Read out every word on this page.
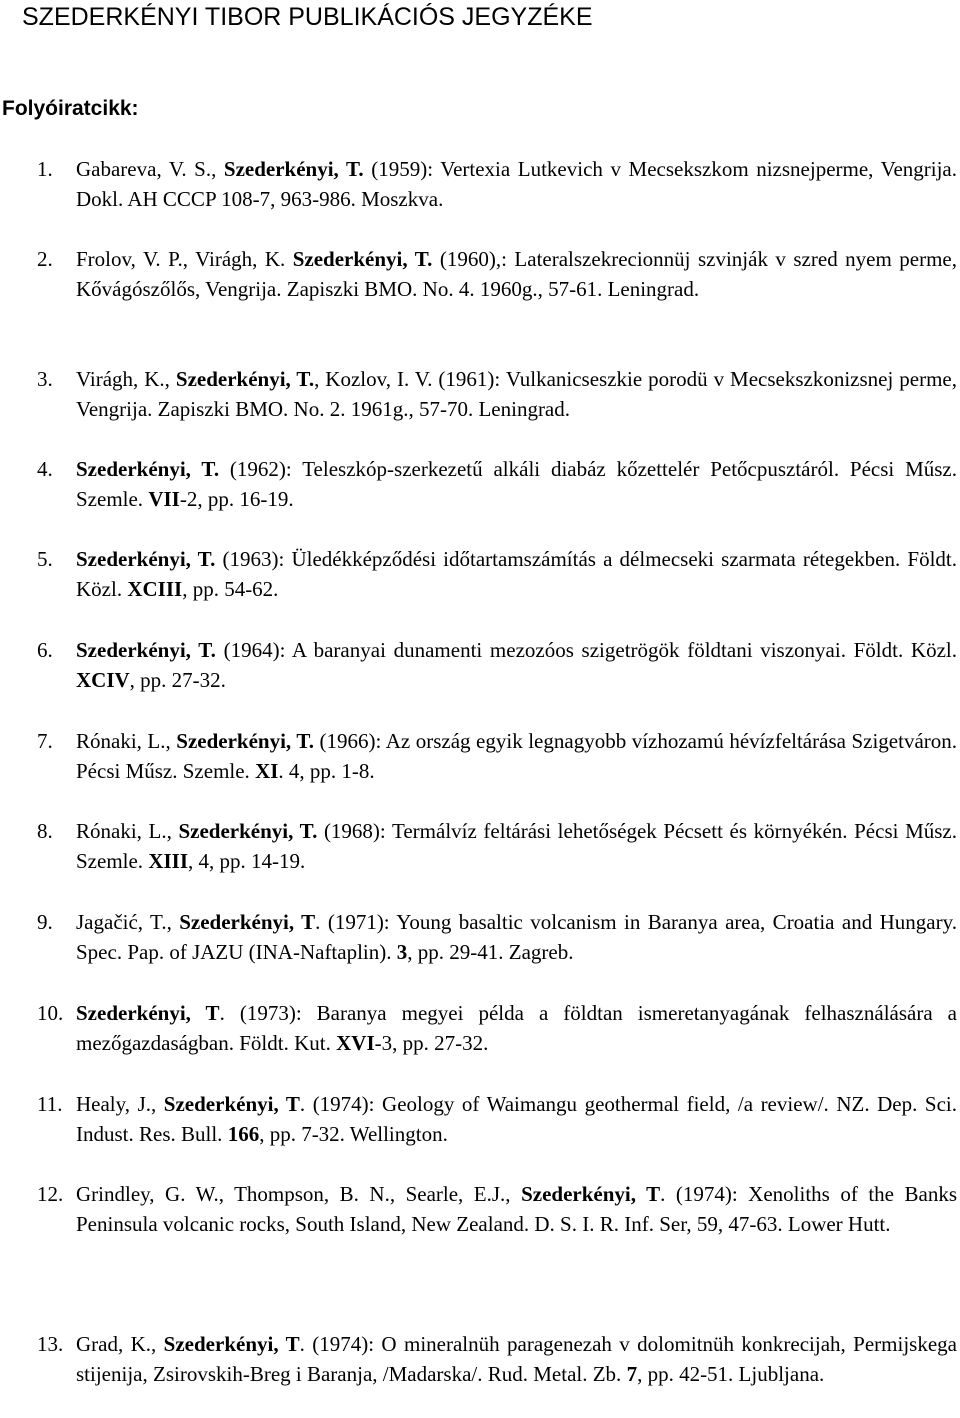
SZEDERKÉNYI TIBOR PUBLIKÁCIÓS JEGYZÉKE
Folyóiratcikk:
1. Gabareva, V. S., Szederkényi, T. (1959): Vertexia Lutkevich v Mecsekszkom nizsnejperme, Vengrija. Dokl. AH CCCP 108-7, 963-986. Moszkva.
2. Frolov, V. P., Virágh, K. Szederkényi, T. (1960),: Lateralszekrecionnüj szvinják v szred nyem perme, Kővágószőlős, Vengrija. Zapiszki BMO. No. 4. 1960g., 57-61. Leningrad.
3. Virágh, K., Szederkényi, T., Kozlov, I. V. (1961): Vulkanicseszkie porodü v Mecsekszkonizsnej perme, Vengrija. Zapiszki BMO. No. 2. 1961g., 57-70. Leningrad.
4. Szederkényi, T. (1962): Teleszkóp-szerkezetű alkáli diabáz kőzettelér Petőcpusztáról. Pécsi Műsz. Szemle. VII-2, pp. 16-19.
5. Szederkényi, T. (1963): Üledékképződési időtartamszámítás a délmecseki szarmata rétegekben. Földt. Közl. XCIII, pp. 54-62.
6. Szederkényi, T. (1964): A baranyai dunamenti mezozóos szigetrögök földtani viszonyai. Földt. Közl. XCIV, pp. 27-32.
7. Rónaki, L., Szederkényi, T. (1966): Az ország egyik legnagyobb vízhozamú hévízfeltárása Szigetváron. Pécsi Műsz. Szemle. XI. 4, pp. 1-8.
8. Rónaki, L., Szederkényi, T. (1968): Termálvíz feltárási lehetőségek Pécsett és környékén. Pécsi Műsz. Szemle. XIII, 4, pp. 14-19.
9. Jagačić, T., Szederkényi, T. (1971): Young basaltic volcanism in Baranya area, Croatia and Hungary. Spec. Pap. of JAZU (INA-Naftaplin). 3, pp. 29-41. Zagreb.
10. Szederkényi, T. (1973): Baranya megyei példa a földtan ismeretanyagának felhasználására a mezőgazdaságban. Földt. Kut. XVI-3, pp. 27-32.
11. Healy, J., Szederkényi, T. (1974): Geology of Waimangu geothermal field, /a review/. NZ. Dep. Sci. Indust. Res. Bull. 166, pp. 7-32. Wellington.
12. Grindley, G. W., Thompson, B. N., Searle, E.J., Szederkényi, T. (1974): Xenoliths of the Banks Peninsula volcanic rocks, South Island, New Zealand. D. S. I. R. Inf. Ser, 59, 47-63. Lower Hutt.
13. Grad, K., Szederkényi, T. (1974): O mineralnüh paragenezah v dolomitnüh konkrecijah, Permijskega stijenija, Zsirovskih-Breg i Baranja, /Madarska/. Rud. Metal. Zb. 7, pp. 42-51. Ljubljana.
